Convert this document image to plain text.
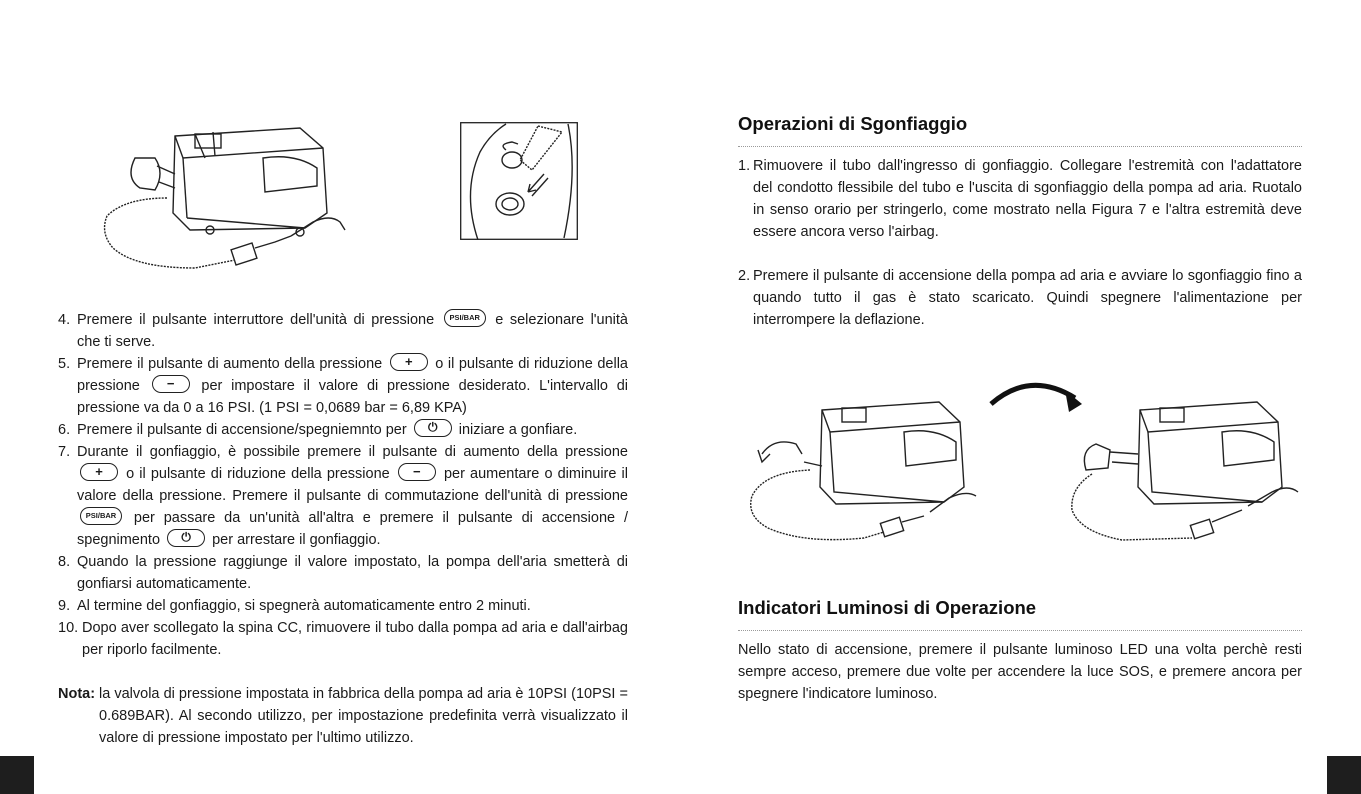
4. Premere il pulsante interruttore dell'unità di pressione PSI/BAR e selezionare l'unità che ti serve.
5. Premere il pulsante di aumento della pressione + o il pulsante di riduzione della pressione − per impostare il valore di pressione desiderato. L'intervallo di pressione va da 0 a 16 PSI. (1 PSI = 0,0689 bar = 6,89 KPA)
6. Premere il pulsante di accensione/spegniemnto per ⏻ iniziare a gonfiare.
7. Durante il gonfiaggio, è possibile premere il pulsante di aumento della pressione + o il pulsante di riduzione della pressione − per aumentare o diminuire il valore della pressione. Premere il pulsante di commutazione dell'unità di pressione PSI/BAR per passare da un'unità all'altra e premere il pulsante di accensione / spegnimento ⏻ per arrestare il gonfiaggio.
8. Quando la pressione raggiunge il valore impostato, la pompa dell'aria smetterà di gonfiarsi automaticamente.
9. Al termine del gonfiaggio, si spegnerà automaticamente entro 2 minuti.
10. Dopo aver scollegato la spina CC, rimuovere il tubo dalla pompa ad aria e dall'airbag per riporlo facilmente.
Nota: la valvola di pressione impostata in fabbrica della pompa ad aria è 10PSI (10PSI = 0.689BAR). Al secondo utilizzo, per impostazione predefinita verrà visualizzato il valore di pressione impostato per l'ultimo utilizzo.
Operazioni di Sgonfiaggio
1. Rimuovere il tubo dall'ingresso di gonfiaggio. Collegare l'estremità con l'adattatore del condotto flessibile del tubo e l'uscita di sgonfiaggio della pompa ad aria. Ruotalo in senso orario per stringerlo, come mostrato nella Figura 7 e l'altra estremità deve essere ancora verso l'airbag.
2. Premere il pulsante di accensione della pompa ad aria e avviare lo sgonfiaggio fino a quando tutto il gas è stato scaricato. Quindi spegnere l'alimentazione per interrompere la deflazione.
Indicatori Luminosi di Operazione
Nello stato di accensione, premere il pulsante luminoso LED una volta perchè resti sempre acceso, premere due volte per accendere la luce SOS, e premere ancora per spegnere l'indicatore luminoso.
